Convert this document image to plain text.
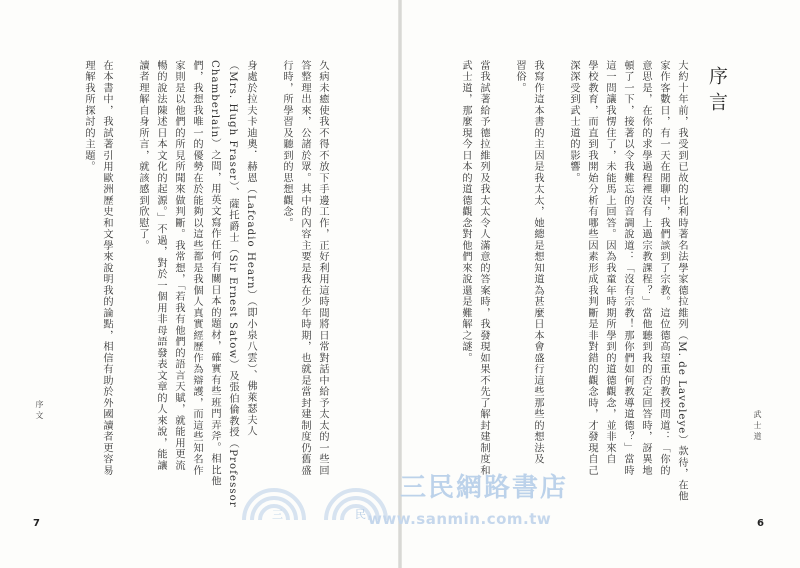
序言
武士道
6
大約十年前，我受到已故的比利時著名法學家德拉維列（M. de Laveleye）款待，在他
家作客數日，有一天在閒聊中，我們談到了宗教。這位德高望重的教授問道：「你的
意思是，在你的求學過程裡沒有上過宗教課程？」當他聽到我的否定回答時，訝異地
頓了一下，接著以令我難忘的音調說道：「沒有宗教！那你們如何教導道德？」當時
這一問讓我愣住了，未能馬上回答。因為我童年時期所學到的道德觀念，並非來自
學校教育，而直到我開始分析有哪些因素形成我判斷是非對錯的觀念時，才發現自己
深深受到武士道的影響。
我寫作這本書的主因是我太太，她總是想知道為甚麼日本會盛行這些那些的想法及
習俗。
當我試著給予德拉維列及我太太令人滿意的答案時，我發現如果不先了解封建制度和
武士道，那麼現今日本的道德觀念對他們來說還是難解之謎。
序文
7
久病未癒使我不得不放下手邊工作，正好利用這時間將日常對話中給予太太的一些回
答整理出來，公諸於眾。其中的內容主要是我在少年時期，也就是當封建制度仍舊盛
行時，所學習及聽到的思想觀念。
身處於拉夫卡迪奧．赫恩（Lafcadio Hearn）（即小泉八雲）、佛萊瑟夫人
（Mrs. Hugh Fraser）、薩托爵士（Sir Ernest Satow）及張伯倫教授（Professor
Chamberlain）之間，用英文寫作任何有關日本的題材，確實有些班門弄斧。相比他
們，我想我唯一的優勢在於能夠以這些都是我個人真實經歷作為辯護，而這些知名作
家則是以他們的所見所聞來做判斷。我常想，「若我有他們的語言天賦，就能用更流
暢的說法陳述日本文化的起源。」不過，對於一個用非母語發表文章的人來說，能讓
讀者理解自身所言，就該感到欣慰了。
在本書中，我試著引用歐洲歷史和文學來說明我的論點，相信有助於外國讀者更容易
理解我所探討的主題。
三	民
三民網路書店
www.sanmin.com.tw
